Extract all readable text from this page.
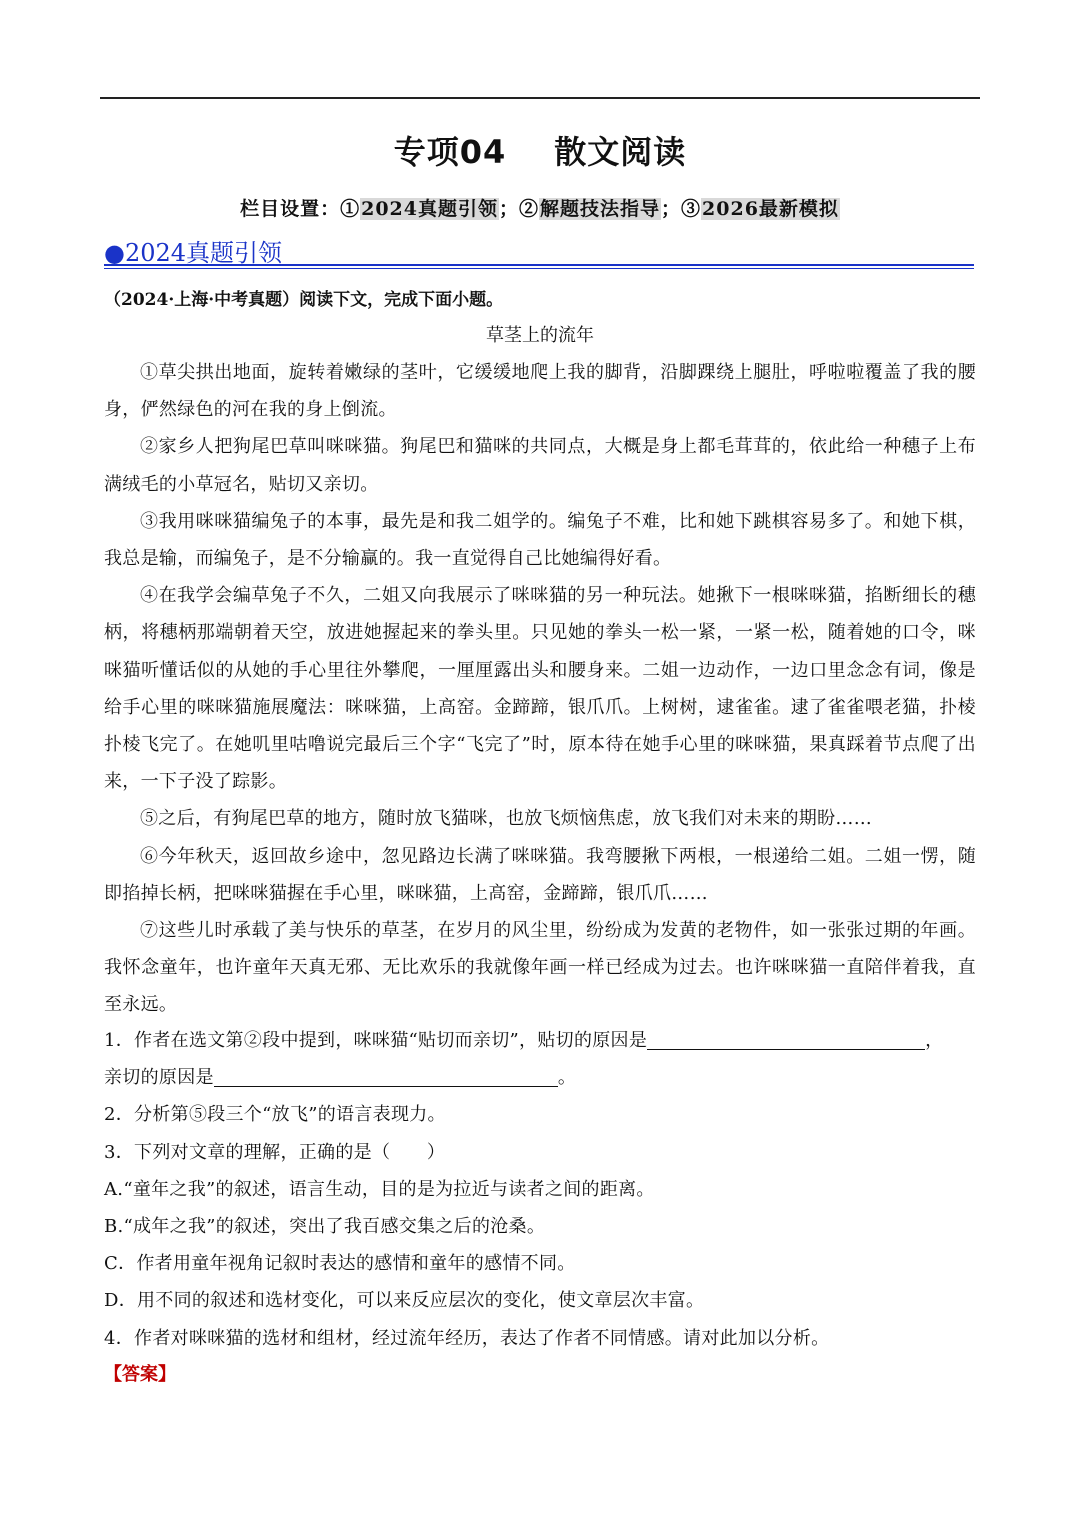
专项04 散文阅读
栏目设置：①2024真题引领；②解题技法指导；③2026最新模拟
●2024真题引领
（2024·上海·中考真题）阅读下文，完成下面小题。
草茎上的流年

①草尖拱出地面，旋转着嫩绿的茎叶，它缓缓地爬上我的脚背，沿脚踝绕上腿肚，呼啦啦覆盖了我的腰身，俨然绿色的河在我的身上倒流。

②家乡人把狗尾巴草叫咪咪猫。狗尾巴和猫咪的共同点，大概是身上都毛茸茸的，依此给一种穗子上布满绒毛的小草冠名，贴切又亲切。

③我用咪咪猫编兔子的本事，最先是和我二姐学的。编兔子不难，比和她下跳棋容易多了。和她下棋，我总是输，而编兔子，是不分输赢的。我一直觉得自己比她编得好看。

④在我学会编草兔子不久，二姐又向我展示了咪咪猫的另一种玩法。她揪下一根咪咪猫，掐断细长的穗柄，将穗柄那端朝着天空，放进她握起来的拳头里。只见她的拳头一松一紧，一紧一松，随着她的口令，咪咪猫听懂话似的从她的手心里往外攀爬，一厘厘露出头和腰身来。二姐一边动作，一边口里念念有词，像是给手心里的咪咪猫施展魔法：咪咪猫，上高窑。金蹄蹄，银爪爪。上树树，逮雀雀。逮了雀雀喂老猫，扑棱扑棱飞完了。在她叽里咕噜说完最后三个字“飞完了”时，原本待在她手心里的咪咪猫，果真踩着节点爬了出来，一下子没了踪影。

⑤之后，有狗尾巴草的地方，随时放飞猫咪，也放飞烦恼焦虑，放飞我们对未来的期盼……

⑥今年秋天，返回故乡途中，忽见路边长满了咪咪猫。我弯腰揪下两根，一根递给二姐。二姐一愣，随即掐掉长柄，把咪咪猫握在手心里，咪咪猫，上高窑，金蹄蹄，银爪爪……

⑦这些儿时承载了美与快乐的草茎，在岁月的风尘里，纷纷成为发黄的老物件，如一张张过期的年画。我怀念童年，也许童年天真无邪、无比欢乐的我就像年画一样已经成为过去。也许咪咪猫一直陪伴着我，直至永远。

1．作者在选文第②段中提到，咪咪猫“贴切而亲切”，贴切的原因是	，

亲切的原因是	。

2．分析第⑤段三个“放飞”的语言表现力。

3．下列对文章的理解，正确的是（　　）

A.“童年之我”的叙述，语言生动，目的是为拉近与读者之间的距离。

B.“成年之我”的叙述，突出了我百感交集之后的沧桑。

C．作者用童年视角记叙时表达的感情和童年的感情不同。

D．用不同的叙述和选材变化，可以来反应层次的变化，使文章层次丰富。

4．作者对咪咪猫的选材和组材，经过流年经历，表达了作者不同情感。请对此加以分析。

【答案】
